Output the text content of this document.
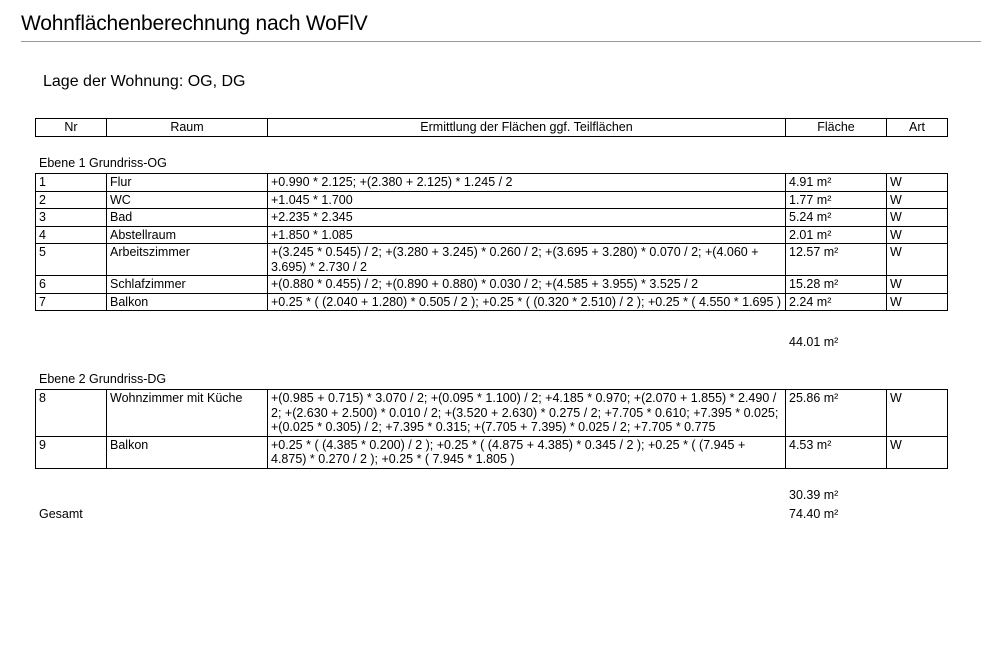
Wohnflächenberechnung nach WoFlV
Lage der Wohnung: OG, DG
Nr	Raum	Ermittlung der Flächen ggf. Teilflächen	Fläche	Art
Ebene 1 Grundriss-OG
1	Flur	+0.990 * 2.125; +(2.380 + 2.125) * 1.245 / 2	4.91 m²	W
2	WC	+1.045 * 1.700	1.77 m²	W
3	Bad	+2.235 * 2.345	5.24 m²	W
4	Abstellraum	+1.850 * 1.085	2.01 m²	W
5	Arbeitszimmer	+(3.245 * 0.545) / 2; +(3.280 + 3.245) * 0.260 / 2; +(3.695 + 3.280) * 0.070 / 2; +(4.060 + 3.695) * 2.730 / 2	12.57 m²	W
6	Schlafzimmer	+(0.880 * 0.455) / 2; +(0.890 + 0.880) * 0.030 / 2; +(4.585 + 3.955) * 3.525 / 2	15.28 m²	W
7	Balkon	+0.25 * ( (2.040 + 1.280) * 0.505 / 2 ); +0.25 * ( (0.320 * 2.510) / 2 ); +0.25 * ( 4.550 * 1.695 )	2.24 m²	W
44.01 m²
Ebene 2 Grundriss-DG
8	Wohnzimmer mit Küche	+(0.985 + 0.715) * 3.070 / 2; +(0.095 * 1.100) / 2; +4.185 * 0.970; +(2.070 + 1.855) * 2.490 / 2; +(2.630 + 2.500) * 0.010 / 2; +(3.520 + 2.630) * 0.275 / 2; +7.705 * 0.610; +7.395 * 0.025; +(0.025 * 0.305) / 2; +7.395 * 0.315; +(7.705 + 7.395) * 0.025 / 2; +7.705 * 0.775	25.86 m²	W
9	Balkon	+0.25 * ( (4.385 * 0.200) / 2 ); +0.25 * ( (4.875 + 4.385) * 0.345 / 2 ); +0.25 * ( (7.945 + 4.875) * 0.270 / 2 ); +0.25 * ( 7.945 * 1.805 )	4.53 m²	W
30.39 m²
Gesamt	74.40 m²
